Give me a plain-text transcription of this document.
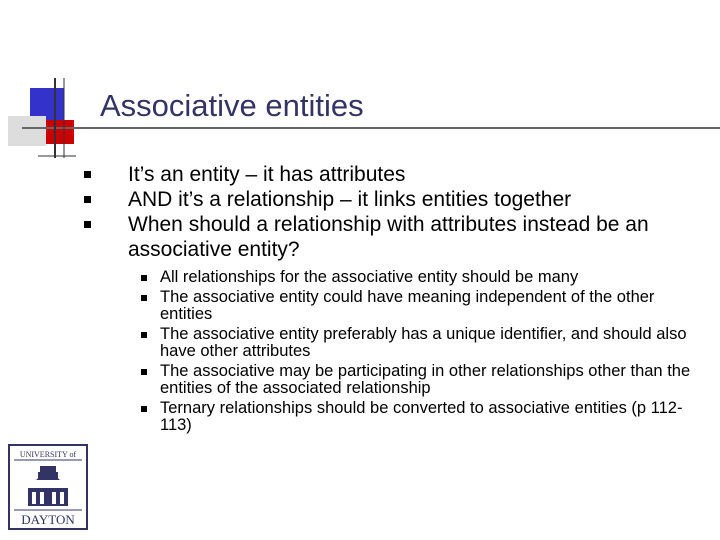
Associative entities
It’s an entity – it has attributes
AND it’s a relationship – it links entities together
When should a relationship with attributes instead be an associative entity?
All relationships for the associative entity should be many
The associative entity could have meaning independent of the other entities
The associative entity preferably has a unique identifier, and should also have other attributes
The associative may be participating in other relationships other than the entities of the associated relationship
Ternary relationships should be converted to associative entities (p 112-113)
UNIVERSITY of
DAYTON
